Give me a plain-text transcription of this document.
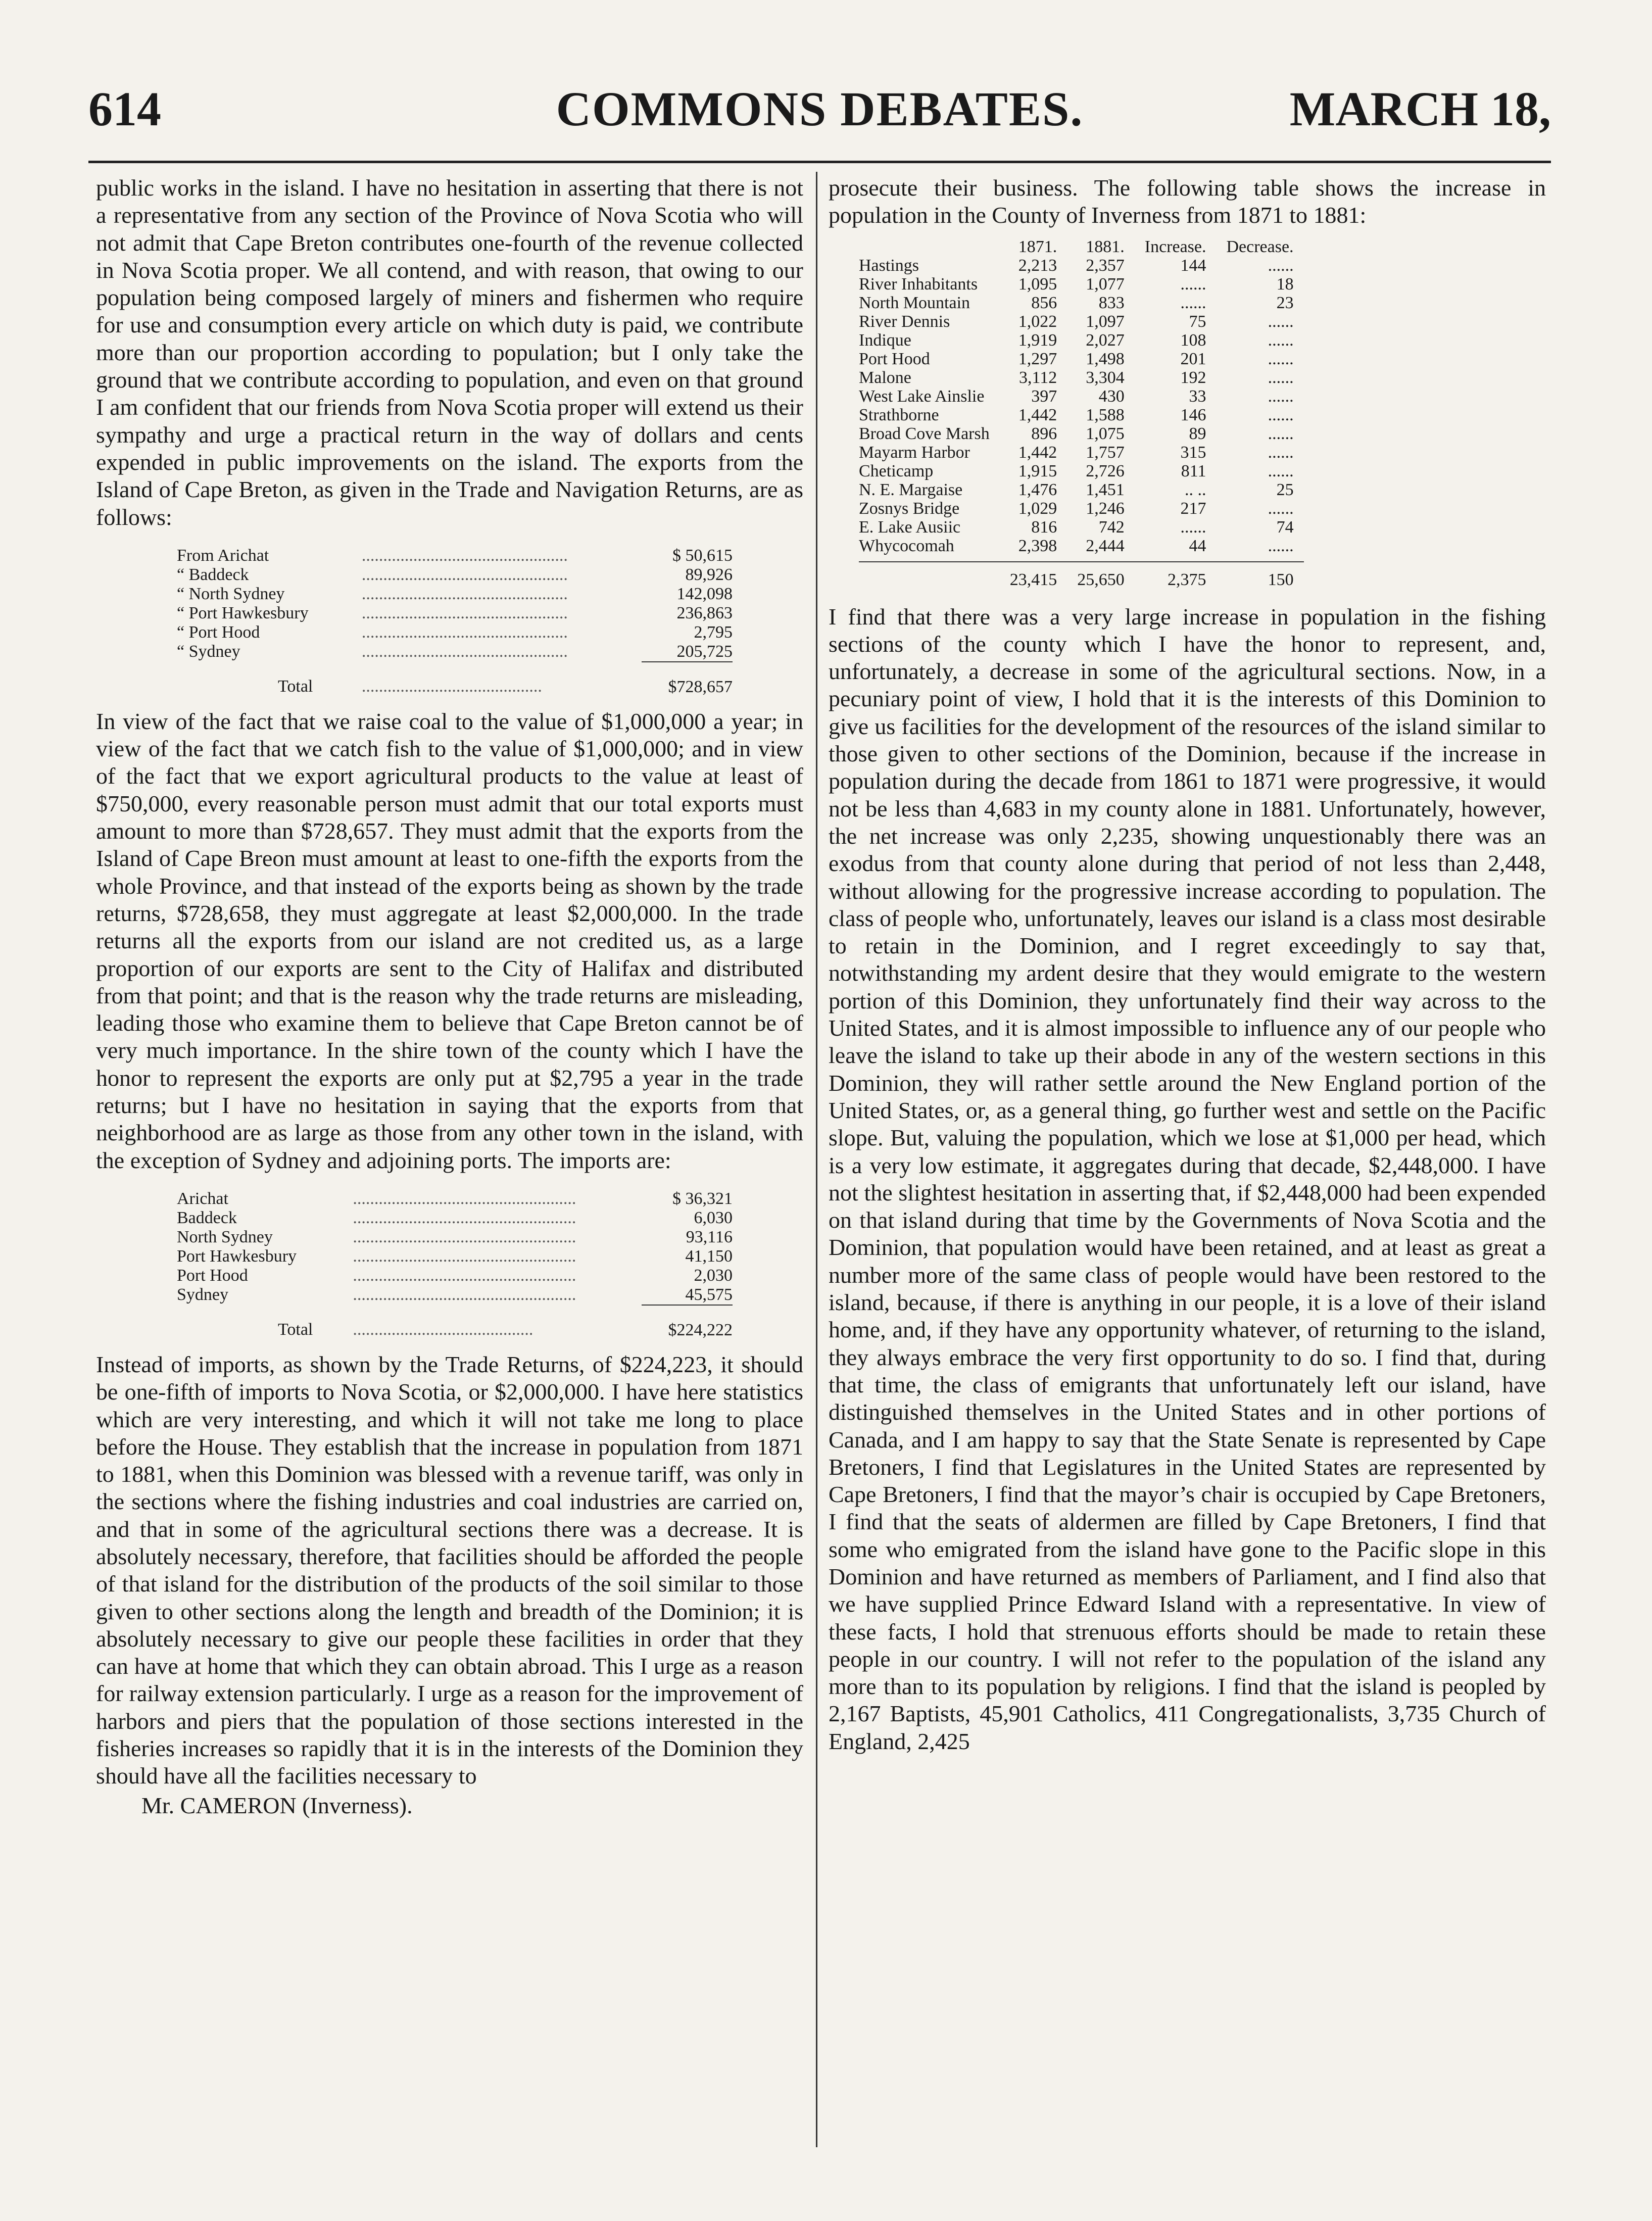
614	COMMONS DEBATES.	MARCH 18,

public works in the island. I have no hesitation in asserting that there is not a representative from any section of the Province of Nova Scotia who will not admit that Cape Breton contributes one-fourth of the revenue collected in Nova Scotia proper. We all contend, and with reason, that owing to our population being composed largely of miners and fishermen who require for use and consumption every article on which duty is paid, we contribute more than our proportion according to population; but I only take the ground that we contribute according to population, and even on that ground I am confident that our friends from Nova Scotia proper will extend us their sympathy and urge a practical return in the way of dollars and cents expended in public improvements on the island. The exports from the Island of Cape Breton, as given in the Trade and Navigation Returns, are as follows:

From Arichat	................................................	$ 50,615
“ Baddeck	................................................	89,926
“ North Sydney	................................................	142,098
“ Port Hawkesbury	................................................	236,863
“ Port Hood	................................................	2,795
“ Sydney	................................................	205,725
Total	..........................................	$728,657

In view of the fact that we raise coal to the value of $1,000,000 a year; in view of the fact that we catch fish to the value of $1,000,000; and in view of the fact that we export agricultural products to the value at least of $750,000, every reasonable person must admit that our total exports must amount to more than $728,657. They must admit that the exports from the Island of Cape Breon must amount at least to one-fifth the exports from the whole Province, and that instead of the exports being as shown by the trade returns, $728,658, they must aggregate at least $2,000,000. In the trade returns all the exports from our island are not credited us, as a large proportion of our exports are sent to the City of Halifax and distributed from that point; and that is the reason why the trade returns are misleading, leading those who examine them to believe that Cape Breton cannot be of very much importance. In the shire town of the county which I have the honor to represent the exports are only put at $2,795 a year in the trade returns; but I have no hesitation in saying that the exports from that neighborhood are as large as those from any other town in the island, with the exception of Sydney and adjoining ports. The imports are:

Arichat	....................................................	$ 36,321
Baddeck	....................................................	6,030
North Sydney	....................................................	93,116
Port Hawkesbury	....................................................	41,150
Port Hood	....................................................	2,030
Sydney	....................................................	45,575
Total	..........................................	$224,222

Instead of imports, as shown by the Trade Returns, of $224,223, it should be one-fifth of imports to Nova Scotia, or $2,000,000. I have here statistics which are very interesting, and which it will not take me long to place before the House. They establish that the increase in population from 1871 to 1881, when this Dominion was blessed with a revenue tariff, was only in the sections where the fishing industries and coal industries are carried on, and that in some of the agricultural sections there was a decrease. It is absolutely necessary, therefore, that facilities should be afforded the people of that island for the distribution of the products of the soil similar to those given to other sections along the length and breadth of the Dominion; it is absolutely necessary to give our people these facilities in order that they can have at home that which they can obtain abroad. This I urge as a reason for railway extension particularly. I urge as a reason for the improvement of harbors and piers that the population of those sections interested in the fisheries increases so rapidly that it is in the interests of the Dominion they should have all the facilities necessary to

Mr. CAMERON (Inverness).

prosecute their business. The following table shows the increase in population in the County of Inverness from 1871 to 1881:

	1871.	1881.	Increase.	Decrease.
Hastings	2,213	2,357	144	......
River Inhabitants	1,095	1,077	......	18
North Mountain	856	833	......	23
River Dennis	1,022	1,097	75	......
Indique	1,919	2,027	108	......
Port Hood	1,297	1,498	201	......
Malone	3,112	3,304	192	......
West Lake Ainslie	397	430	33	......
Strathborne	1,442	1,588	146	......
Broad Cove Marsh	896	1,075	89	......
Mayarm Harbor	1,442	1,757	315	......
Cheticamp	1,915	2,726	811	......
N. E. Margaise	1,476	1,451	.. ..	25
Zosnys Bridge	1,029	1,246	217	......
E. Lake Ausiic	816	742	......	74
Whycocomah	2,398	2,444	44	......
	23,415	25,650	2,375	150

I find that there was a very large increase in population in the fishing sections of the county which I have the honor to represent, and, unfortunately, a decrease in some of the agricultural sections. Now, in a pecuniary point of view, I hold that it is the interests of this Dominion to give us facilities for the development of the resources of the island similar to those given to other sections of the Dominion, because if the increase in population during the decade from 1861 to 1871 were progressive, it would not be less than 4,683 in my county alone in 1881. Unfortunately, however, the net increase was only 2,235, showing unquestionably there was an exodus from that county alone during that period of not less than 2,448, without allowing for the progressive increase according to population. The class of people who, unfortunately, leaves our island is a class most desirable to retain in the Dominion, and I regret exceedingly to say that, notwithstanding my ardent desire that they would emigrate to the western portion of this Dominion, they unfortunately find their way across to the United States, and it is almost impossible to influence any of our people who leave the island to take up their abode in any of the western sections in this Dominion, they will rather settle around the New England portion of the United States, or, as a general thing, go further west and settle on the Pacific slope. But, valuing the population, which we lose at $1,000 per head, which is a very low estimate, it aggregates during that decade, $2,448,000. I have not the slightest hesitation in asserting that, if $2,448,000 had been expended on that island during that time by the Governments of Nova Scotia and the Dominion, that population would have been retained, and at least as great a number more of the same class of people would have been restored to the island, because, if there is anything in our people, it is a love of their island home, and, if they have any opportunity whatever, of returning to the island, they always embrace the very first opportunity to do so. I find that, during that time, the class of emigrants that unfortunately left our island, have distinguished themselves in the United States and in other portions of Canada, and I am happy to say that the State Senate is represented by Cape Bretoners, I find that Legislatures in the United States are represented by Cape Bretoners, I find that the mayor’s chair is occupied by Cape Bretoners, I find that the seats of aldermen are filled by Cape Bretoners, I find that some who emigrated from the island have gone to the Pacific slope in this Dominion and have returned as members of Parliament, and I find also that we have supplied Prince Edward Island with a representative. In view of these facts, I hold that strenuous efforts should be made to retain these people in our country. I will not refer to the population of the island any more than to its population by religions. I find that the island is peopled by 2,167 Baptists, 45,901 Catholics, 411 Congregationalists, 3,735 Church of England, 2,425
